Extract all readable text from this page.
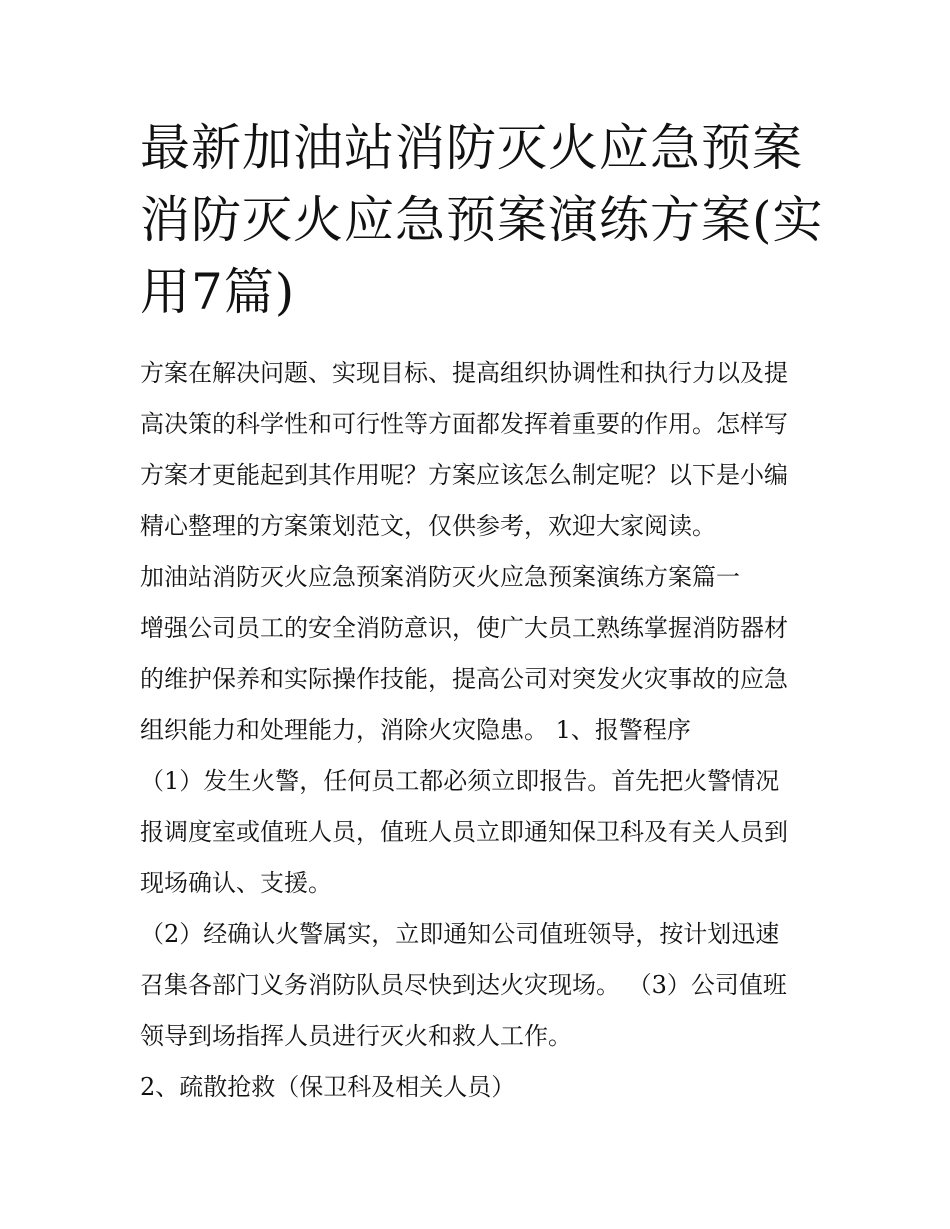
最新加油站消防灭火应急预案
消防灭火应急预案演练方案(实
用7篇)

方案在解决问题、实现目标、提高组织协调性和执行力以及提
高决策的科学性和可行性等方面都发挥着重要的作用。怎样写
方案才更能起到其作用呢？方案应该怎么制定呢？以下是小编
精心整理的方案策划范文，仅供参考，欢迎大家阅读。

加油站消防灭火应急预案消防灭火应急预案演练方案篇一

增强公司员工的安全消防意识，使广大员工熟练掌握消防器材
的维护保养和实际操作技能，提高公司对突发火灾事故的应急
组织能力和处理能力，消除火灾隐患。 1、报警程序

（1）发生火警，任何员工都必须立即报告。首先把火警情况
报调度室或值班人员，值班人员立即通知保卫科及有关人员到
现场确认、支援。

（2）经确认火警属实，立即通知公司值班领导，按计划迅速
召集各部门义务消防队员尽快到达火灾现场。 （3）公司值班
领导到场指挥人员进行灭火和救人工作。

2、疏散抢救（保卫科及相关人员）
